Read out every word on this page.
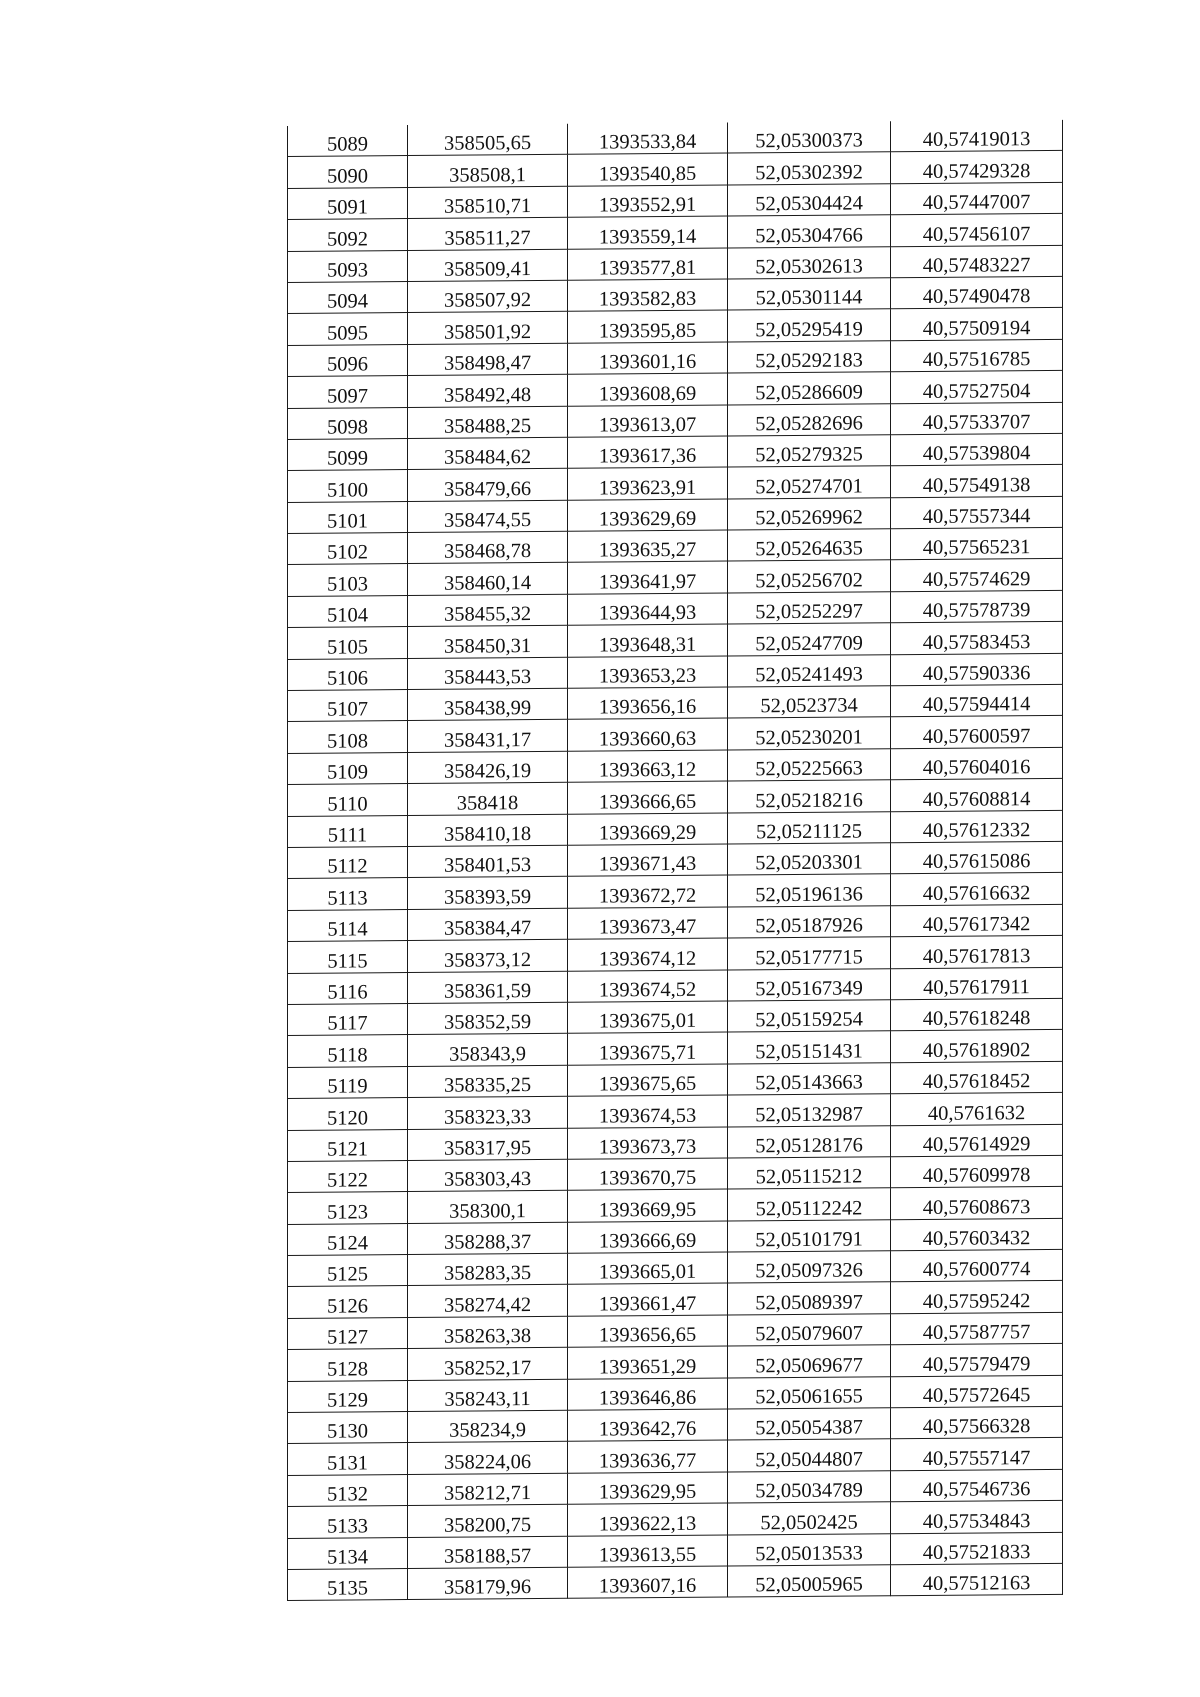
5089	358505,65	1393533,84	52,05300373	40,57419013
5090	358508,1	1393540,85	52,05302392	40,57429328
5091	358510,71	1393552,91	52,05304424	40,57447007
5092	358511,27	1393559,14	52,05304766	40,57456107
5093	358509,41	1393577,81	52,05302613	40,57483227
5094	358507,92	1393582,83	52,05301144	40,57490478
5095	358501,92	1393595,85	52,05295419	40,57509194
5096	358498,47	1393601,16	52,05292183	40,57516785
5097	358492,48	1393608,69	52,05286609	40,57527504
5098	358488,25	1393613,07	52,05282696	40,57533707
5099	358484,62	1393617,36	52,05279325	40,57539804
5100	358479,66	1393623,91	52,05274701	40,57549138
5101	358474,55	1393629,69	52,05269962	40,57557344
5102	358468,78	1393635,27	52,05264635	40,57565231
5103	358460,14	1393641,97	52,05256702	40,57574629
5104	358455,32	1393644,93	52,05252297	40,57578739
5105	358450,31	1393648,31	52,05247709	40,57583453
5106	358443,53	1393653,23	52,05241493	40,57590336
5107	358438,99	1393656,16	52,0523734	40,57594414
5108	358431,17	1393660,63	52,05230201	40,57600597
5109	358426,19	1393663,12	52,05225663	40,57604016
5110	358418	1393666,65	52,05218216	40,57608814
5111	358410,18	1393669,29	52,05211125	40,57612332
5112	358401,53	1393671,43	52,05203301	40,57615086
5113	358393,59	1393672,72	52,05196136	40,57616632
5114	358384,47	1393673,47	52,05187926	40,57617342
5115	358373,12	1393674,12	52,05177715	40,57617813
5116	358361,59	1393674,52	52,05167349	40,57617911
5117	358352,59	1393675,01	52,05159254	40,57618248
5118	358343,9	1393675,71	52,05151431	40,57618902
5119	358335,25	1393675,65	52,05143663	40,57618452
5120	358323,33	1393674,53	52,05132987	40,5761632
5121	358317,95	1393673,73	52,05128176	40,57614929
5122	358303,43	1393670,75	52,05115212	40,57609978
5123	358300,1	1393669,95	52,05112242	40,57608673
5124	358288,37	1393666,69	52,05101791	40,57603432
5125	358283,35	1393665,01	52,05097326	40,57600774
5126	358274,42	1393661,47	52,05089397	40,57595242
5127	358263,38	1393656,65	52,05079607	40,57587757
5128	358252,17	1393651,29	52,05069677	40,57579479
5129	358243,11	1393646,86	52,05061655	40,57572645
5130	358234,9	1393642,76	52,05054387	40,57566328
5131	358224,06	1393636,77	52,05044807	40,57557147
5132	358212,71	1393629,95	52,05034789	40,57546736
5133	358200,75	1393622,13	52,0502425	40,57534843
5134	358188,57	1393613,55	52,05013533	40,57521833
5135	358179,96	1393607,16	52,05005965	40,57512163
